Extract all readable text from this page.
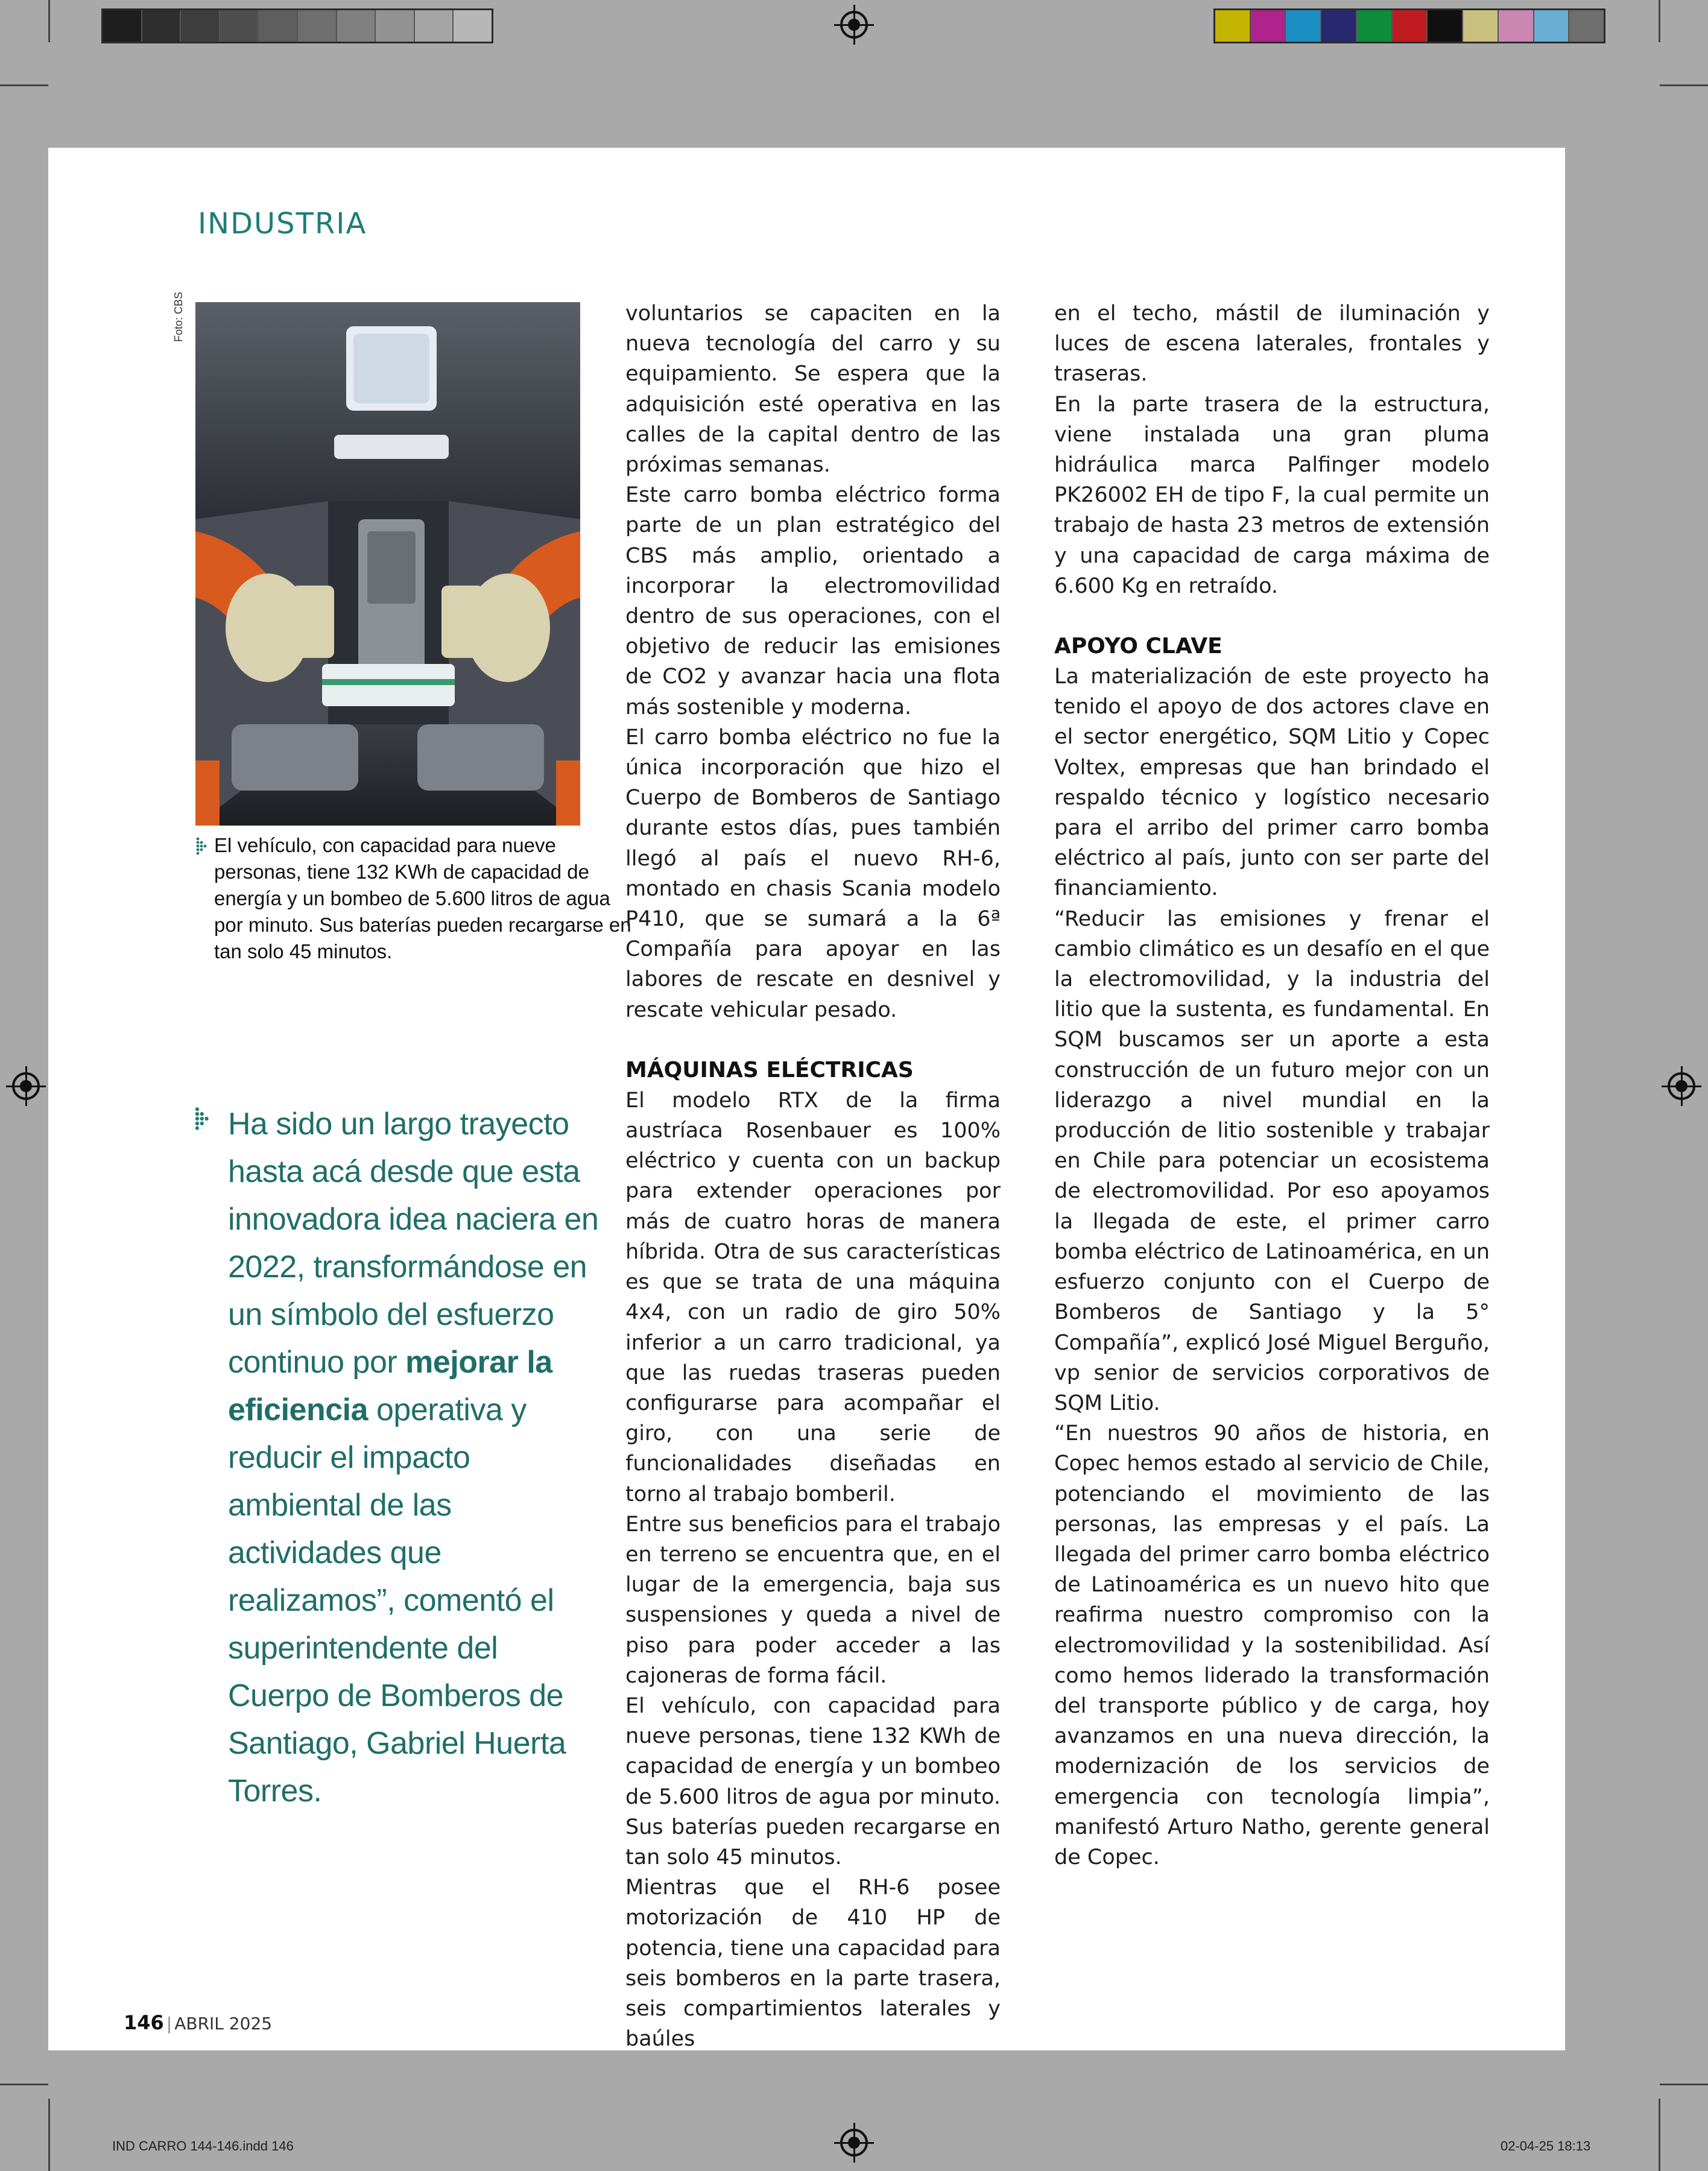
INDUSTRIA
Foto: CBS
El vehículo, con capacidad para nueve personas, tiene 132 KWh de capacidad de energía y un bombeo de 5.600 litros de agua por minuto. Sus baterías pueden recargarse en tan solo 45 minutos.
Ha sido un largo trayecto hasta acá desde que esta innovadora idea naciera en 2022, transformándose en un símbolo del esfuerzo continuo por mejorar la eficiencia operativa y reducir el impacto ambiental de las actividades que realizamos”, comentó el superintendente del Cuerpo de Bomberos de Santiago, Gabriel Huerta Torres.

voluntarios se capaciten en la nueva tecnología del carro y su equipamiento. Se espera que la adquisición esté operativa en las calles de la capital dentro de las próximas semanas.

Este carro bomba eléctrico forma parte de un plan estratégico del CBS más amplio, orientado a incorporar la electromovilidad dentro de sus operaciones, con el objetivo de reducir las emisiones de CO2 y avanzar hacia una flota más sostenible y moderna.

El carro bomba eléctrico no fue la única incorporación que hizo el Cuerpo de Bomberos de Santiago durante estos días, pues también llegó al país el nuevo RH-6, montado en chasis Scania modelo P410, que se sumará a la 6ª Compañía para apoyar en las labores de rescate en desnivel y rescate vehicular pesado.

MÁQUINAS ELÉCTRICAS

El modelo RTX de la firma austríaca Rosenbauer es 100% eléctrico y cuenta con un backup para extender operaciones por más de cuatro horas de manera híbrida. Otra de sus características es que se trata de una máquina 4x4, con un radio de giro 50% inferior a un carro tradicional, ya que las ruedas traseras pueden configurarse para acompañar el giro, con una serie de funcionalidades diseñadas en torno al trabajo bomberil.

Entre sus beneficios para el trabajo en terreno se encuentra que, en el lugar de la emergencia, baja sus suspensiones y queda a nivel de piso para poder acceder a las cajoneras de forma fácil.

El vehículo, con capacidad para nueve personas, tiene 132 KWh de capacidad de energía y un bombeo de 5.600 litros de agua por minuto. Sus baterías pueden recargarse en tan solo 45 minutos.

Mientras que el RH-6 posee motorización de 410 HP de potencia, tiene una capacidad para seis bomberos en la parte trasera, seis compartimientos laterales y baúles

en el techo, mástil de iluminación y luces de escena laterales, frontales y traseras.

En la parte trasera de la estructura, viene instalada una gran pluma hidráulica marca Palfinger modelo PK26002 EH de tipo F, la cual permite un trabajo de hasta 23 metros de extensión y una capacidad de carga máxima de 6.600 Kg en retraído.

APOYO CLAVE

La materialización de este proyecto ha tenido el apoyo de dos actores clave en el sector energético, SQM Litio y Copec Voltex, empresas que han brindado el respaldo técnico y logístico necesario para el arribo del primer carro bomba eléctrico al país, junto con ser parte del financiamiento.

“Reducir las emisiones y frenar el cambio climático es un desafío en el que la electromovilidad, y la industria del litio que la sustenta, es fundamental. En SQM buscamos ser un aporte a esta construcción de un futuro mejor con un liderazgo a nivel mundial en la producción de litio sostenible y trabajar en Chile para potenciar un ecosistema de electromovilidad. Por eso apoyamos la llegada de este, el primer carro bomba eléctrico de Latinoamérica, en un esfuerzo conjunto con el Cuerpo de Bomberos de Santiago y la 5° Compañía”, explicó José Miguel Berguño, vp senior de servicios corporativos de SQM Litio.

“En nuestros 90 años de historia, en Copec hemos estado al servicio de Chile, potenciando el movimiento de las personas, las empresas y el país. La llegada del primer carro bomba eléctrico de Latinoamérica es un nuevo hito que reafirma nuestro compromiso con la electromovilidad y la sostenibilidad. Así como hemos liderado la transformación del transporte público y de carga, hoy avanzamos en una nueva dirección, la modernización de los servicios de emergencia con tecnología limpia”, manifestó Arturo Natho, gerente general de Copec.

146 | ABRIL 2025
IND CARRO 144-146.indd 146	02-04-25 18:13
